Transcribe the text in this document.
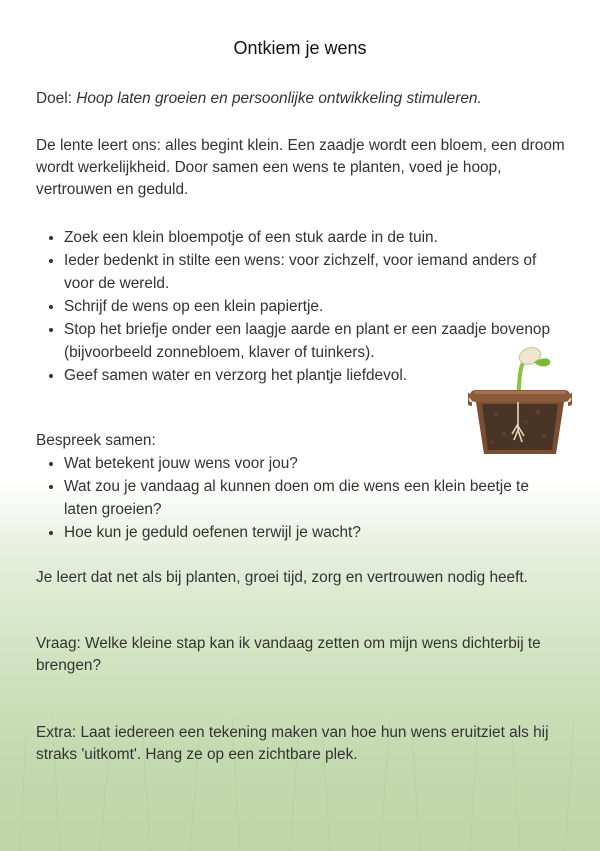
Ontkiem je wens

Doel: Hoop laten groeien en persoonlijke ontwikkeling stimuleren.

De lente leert ons: alles begint klein. Een zaadje wordt een bloem, een droom wordt werkelijkheid. Door samen een wens te planten, voed je hoop, vertrouwen en geduld.

• Zoek een klein bloempotje of een stuk aarde in de tuin.
• Ieder bedenkt in stilte een wens: voor zichzelf, voor iemand anders of voor de wereld.
• Schrijf de wens op een klein papiertje.
• Stop het briefje onder een laagje aarde en plant er een zaadje bovenop (bijvoorbeeld zonnebloem, klaver of tuinkers).
• Geef samen water en verzorg het plantje liefdevol.

Bespreek samen:

• Wat betekent jouw wens voor jou?
• Wat zou je vandaag al kunnen doen om die wens een klein beetje te laten groeien?
• Hoe kun je geduld oefenen terwijl je wacht?

Je leert dat net als bij planten, groei tijd, zorg en vertrouwen nodig heeft.

Vraag: Welke kleine stap kan ik vandaag zetten om mijn wens dichterbij te brengen?

Extra: Laat iedereen een tekening maken van hoe hun wens eruitziet als hij straks 'uitkomt'. Hang ze op een zichtbare plek.
